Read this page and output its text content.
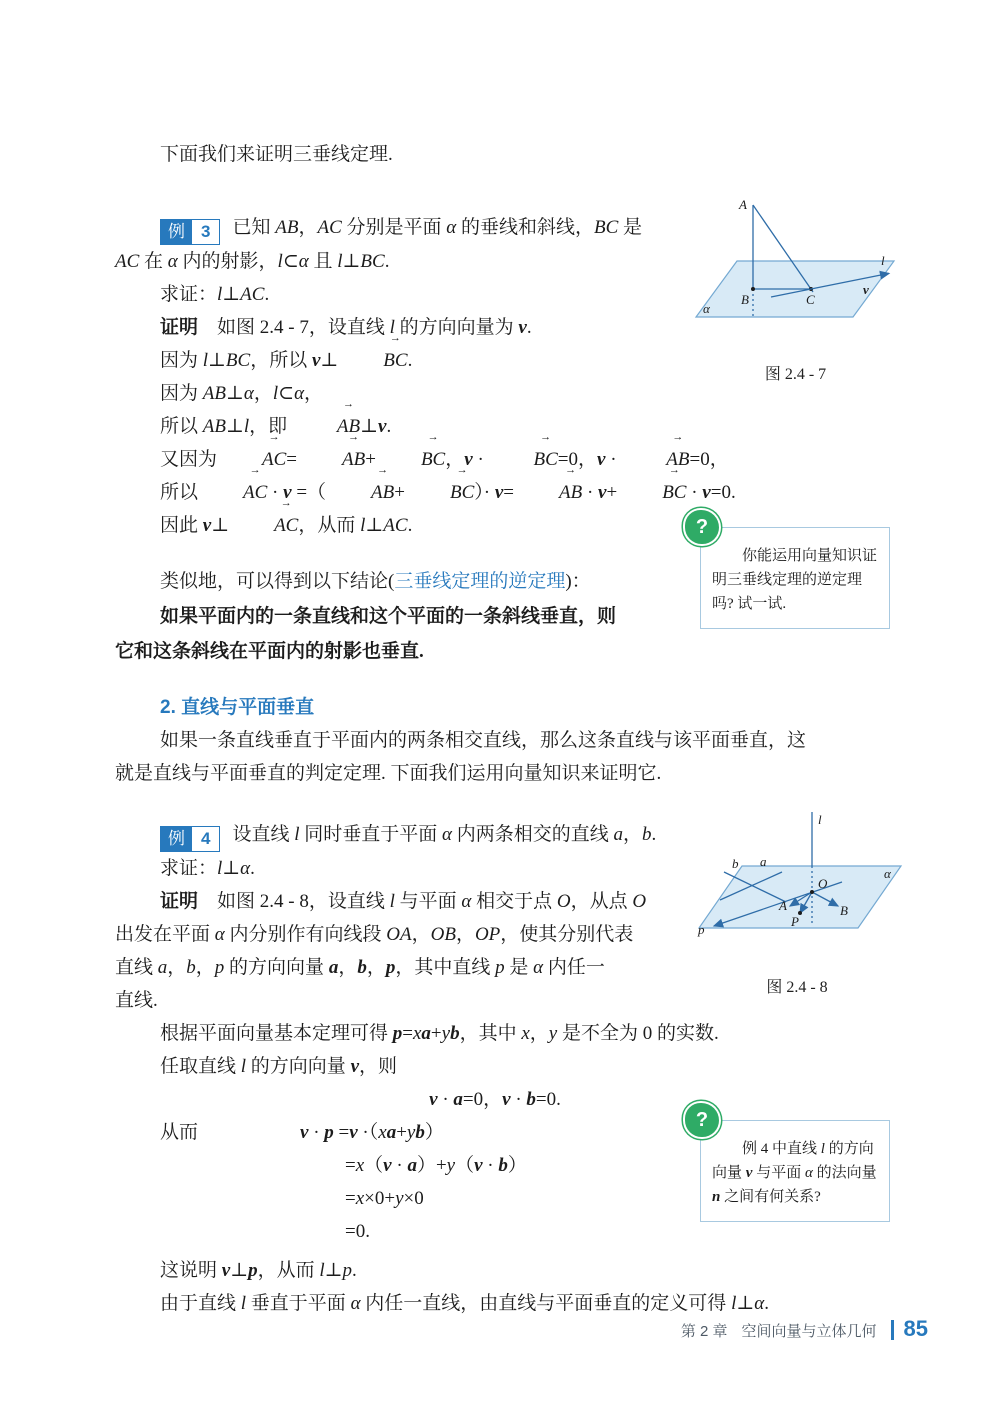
下面我们来证明三垂线定理.
例 3	已知 AB，AC 分别是平面 α 的垂线和斜线，BC 是
AC 在 α 内的射影，l⊂α 且 l⊥BC.
求证：l⊥AC.
证明　如图 2.4 - 7，设直线 l 的方向向量为 v.
因为 l⊥BC，所以 v⊥ BC →.
因为 AB⊥α，l⊂α，
所以 AB⊥l，即 AB →⊥v.
又因为 AC →= AB →+ BC →，v · BC →=0，v · AB →=0，
所以 AC → · v =（ AB →+ BC →）· v= AB → · v+ BC → · v=0.
因此 v⊥ AC →，从而 l⊥AC.
类似地，可以得到以下结论(三垂线定理的逆定理)：
如果平面内的一条直线和这个平面的一条斜线垂直，则
它和这条斜线在平面内的射影也垂直.
2. 直线与平面垂直
如果一条直线垂直于平面内的两条相交直线，那么这条直线与该平面垂直，这
就是直线与平面垂直的判定定理. 下面我们运用向量知识来证明它.
例 4	设直线 l 同时垂直于平面 α 内两条相交的直线 a，b.
求证：l⊥α.
证明　如图 2.4 - 8，设直线 l 与平面 α 相交于点 O，从点 O
出发在平面 α 内分别作有向线段 OA，OB，OP，使其分别代表
直线 a，b，p 的方向向量 a，b，p，其中直线 p 是 α 内任一
直线.
根据平面向量基本定理可得 p=xa+yb，其中 x，y 是不全为 0 的实数.
任取直线 l 的方向向量 v，则
v · a=0，v · b=0.
从而	v · p =v ·（xa+yb）
=x（v · a）+y（v · b）
=x×0+y×0
=0.
这说明 v⊥p，从而 l⊥p.
由于直线 l 垂直于平面 α 内任一直线，由直线与平面垂直的定义可得 l⊥α.
A
B	C
l
v
α
图 2.4 - 7
?
你能运用向量知识证明三垂线定理的逆定理吗? 试一试.
l
b a
α
O
A	B
P
p
图 2.4 - 8
?
例 4 中直线 l 的方向向量 v 与平面 α 的法向量 n 之间有何关系?
第 2 章 空间向量与立体几何 85
